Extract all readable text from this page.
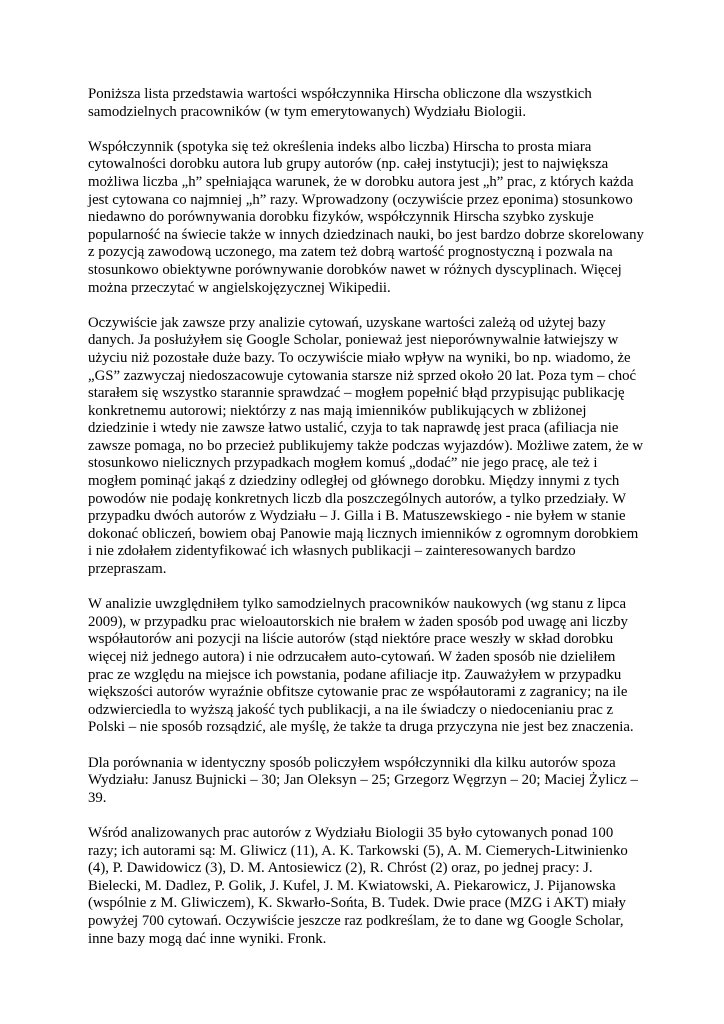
Poniższa lista przedstawia wartości współczynnika Hirscha obliczone dla wszystkich samodzielnych pracowników (w tym emerytowanych) Wydziału Biologii.

Współczynnik (spotyka się też określenia indeks albo liczba) Hirscha to prosta miara cytowalności dorobku autora lub grupy autorów (np. całej instytucji); jest to największa możliwa liczba „h” spełniająca warunek, że w dorobku autora jest „h” prac, z których każda jest cytowana co najmniej „h” razy. Wprowadzony (oczywiście przez eponima) stosunkowo niedawno do porównywania dorobku fizyków, współczynnik Hirscha szybko zyskuje popularność na świecie także w innych dziedzinach nauki, bo jest bardzo dobrze skorelowany z pozycją zawodową uczonego, ma zatem też dobrą wartość prognostyczną i pozwala na stosunkowo obiektywne porównywanie dorobków nawet w różnych dyscyplinach. Więcej można przeczytać w angielskojęzycznej Wikipedii.

Oczywiście jak zawsze przy analizie cytowań, uzyskane wartości zależą od użytej bazy danych. Ja posłużyłem się Google Scholar, ponieważ jest nieporównywalnie łatwiejszy w użyciu niż pozostałe duże bazy. To oczywiście miało wpływ na wyniki, bo np. wiadomo, że „GS” zazwyczaj niedoszacowuje cytowania starsze niż sprzed około 20 lat. Poza tym – choć starałem się wszystko starannie sprawdzać – mogłem popełnić błąd przypisując publikację konkretnemu autorowi; niektórzy z nas mają imienników publikujących w zbliżonej dziedzinie i wtedy nie zawsze łatwo ustalić, czyja to tak naprawdę jest praca (afiliacja nie zawsze pomaga, no bo przecież publikujemy także podczas wyjazdów). Możliwe zatem, że w stosunkowo nielicznych przypadkach mogłem komuś „dodać” nie jego pracę, ale też i mogłem pominąć jakąś z dziedziny odległej od głównego dorobku. Między innymi z tych powodów nie podaję konkretnych liczb dla poszczególnych autorów, a tylko przedziały. W przypadku dwóch autorów z Wydziału – J. Gilla i B. Matuszewskiego - nie byłem w stanie dokonać obliczeń, bowiem obaj Panowie mają licznych imienników z ogromnym dorobkiem i nie zdołałem zidentyfikować ich własnych publikacji – zainteresowanych bardzo przepraszam.

W analizie uwzględniłem tylko samodzielnych pracowników naukowych (wg stanu z lipca 2009), w przypadku prac wieloautorskich nie brałem w żaden sposób pod uwagę ani liczby współautorów ani pozycji na liście autorów (stąd niektóre prace weszły w skład dorobku więcej niż jednego autora) i nie odrzucałem auto-cytowań. W żaden sposób nie dzieliłem prac ze względu na miejsce ich powstania, podane afiliacje itp. Zauważyłem w przypadku większości autorów wyraźnie obfitsze cytowanie prac ze współautorami z zagranicy; na ile odzwierciedla to wyższą jakość tych publikacji, a na ile świadczy o niedocenianiu prac z Polski – nie sposób rozsądzić, ale myślę, że także ta druga przyczyna nie jest bez znaczenia.

Dla porównania w identyczny sposób policzyłem współczynniki dla kilku autorów spoza Wydziału: Janusz Bujnicki – 30; Jan Oleksyn – 25; Grzegorz Węgrzyn – 20; Maciej Żylicz – 39.

Wśród analizowanych prac autorów z Wydziału Biologii 35 było cytowanych ponad 100 razy; ich autorami są: M. Gliwicz (11), A. K. Tarkowski (5), A. M. Ciemerych-Litwinienko (4), P. Dawidowicz (3), D. M. Antosiewicz (2), R. Chróst (2) oraz, po jednej pracy: J. Bielecki, M. Dadlez, P. Golik, J. Kufel, J. M. Kwiatowski, A. Piekarowicz, J. Pijanowska (wspólnie z M. Gliwiczem), K. Skwarło-Sońta, B. Tudek. Dwie prace (MZG i AKT) miały powyżej 700 cytowań. Oczywiście jeszcze raz podkreślam, że to dane wg Google Scholar, inne bazy mogą dać inne wyniki. Fronk.
